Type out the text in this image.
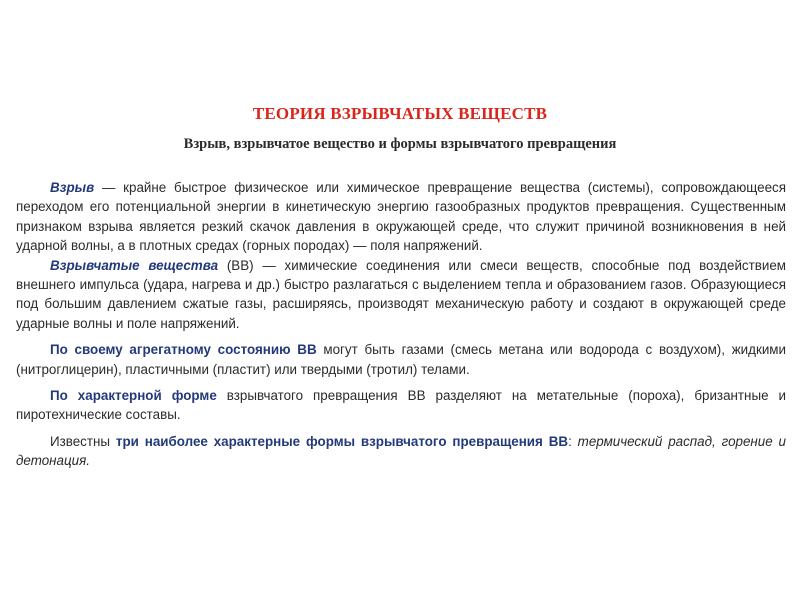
ТЕОРИЯ ВЗРЫВЧАТЫХ ВЕЩЕСТВ
Взрыв, взрывчатое вещество и формы взрывчатого превращения

Взрыв — крайне быстрое физическое или химическое превращение вещества (системы), сопровождающееся переходом его потенциальной энергии в кинетическую энергию газообразных продуктов превращения. Существенным признаком взрыва является резкий скачок давления в окружающей среде, что служит причиной возникновения в ней ударной волны, а в плотных средах (горных породах) — поля напряжений.

Взрывчатые вещества (ВВ) — химические соединения или смеси веществ, способные под воздействием внешнего импульса (удара, нагрева и др.) быстро разлагаться с выделением тепла и образованием газов. Образующиеся под большим давлением сжатые газы, расширяясь, производят механическую работу и создают в окружающей среде ударные волны и поле напряжений.

По своему агрегатному состоянию ВВ могут быть газами (смесь метана или водорода с воздухом), жидкими (нитроглицерин), пластичными (пластит) или твердыми (тротил) телами.

По характерной форме взрывчатого превращения ВВ разделяют на метательные (пороха), бризантные и пиротехнические составы.

Известны три наиболее характерные формы взрывчатого превращения ВВ: термический распад, горение и детонация.
